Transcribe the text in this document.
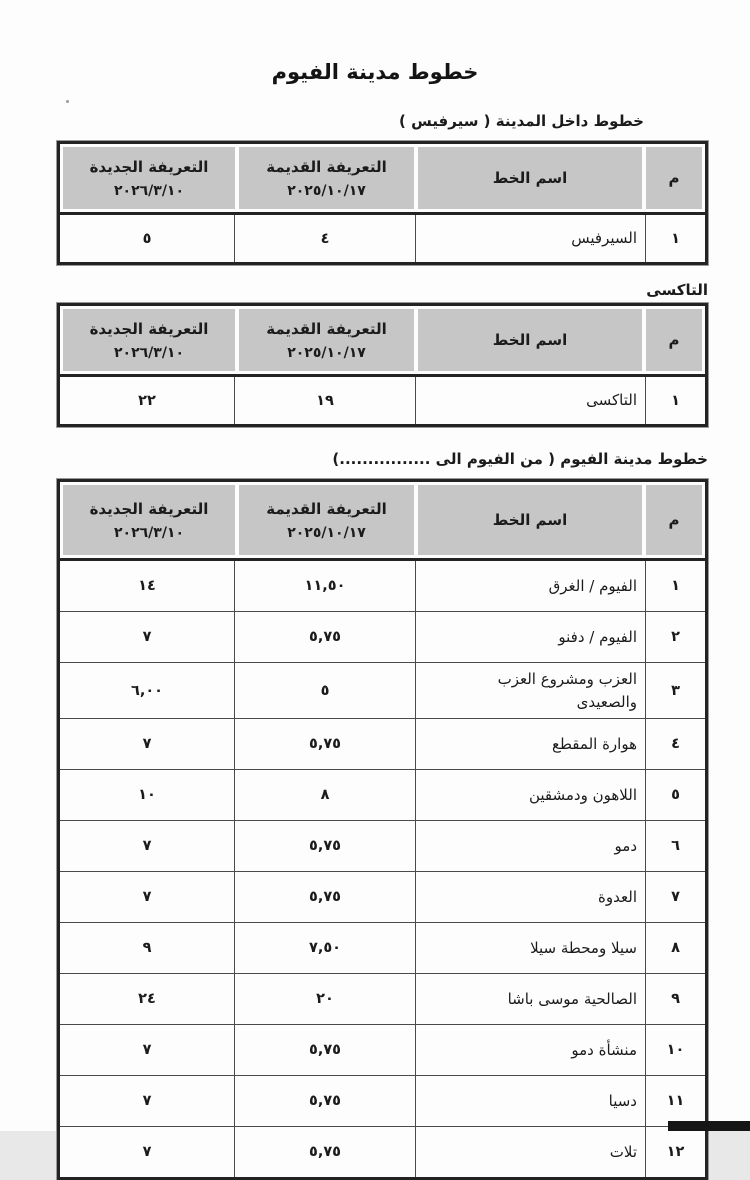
خطوط مدينة الفيوم
خطوط داخل المدينة ( سيرفيس )
م
اسم الخط
التعريفة القديمة
٢٠٢٥/١٠/١٧
التعريفة الجديدة
٢٠٢٦/٣/١٠
١
السيرفيس
٤
٥
التاكسى
م
اسم الخط
التعريفة القديمة
٢٠٢٥/١٠/١٧
التعريفة الجديدة
٢٠٢٦/٣/١٠
١
التاكسى
١٩
٢٢
خطوط مدينة الفيوم ( من الفيوم الى ................)
م
اسم الخط
التعريفة القديمة
٢٠٢٥/١٠/١٧
التعريفة الجديدة
٢٠٢٦/٣/١٠
١
الفيوم / الغرق
١١,٥٠
١٤
٢
الفيوم / دفنو
٥,٧٥
٧
٣
العزب ومشروع العزب والصعيدى
٥
٦,٠٠
٤
هوارة المقطع
٥,٧٥
٧
٥
اللاهون ودمشقين
٨
١٠
٦
دمو
٥,٧٥
٧
٧
العدوة
٥,٧٥
٧
٨
سيلا ومحطة سيلا
٧,٥٠
٩
٩
الصالحية موسى باشا
٢٠
٢٤
١٠
منشأة دمو
٥,٧٥
٧
١١
دسيا
٥,٧٥
٧
١٢
تلات
٥,٧٥
٧
